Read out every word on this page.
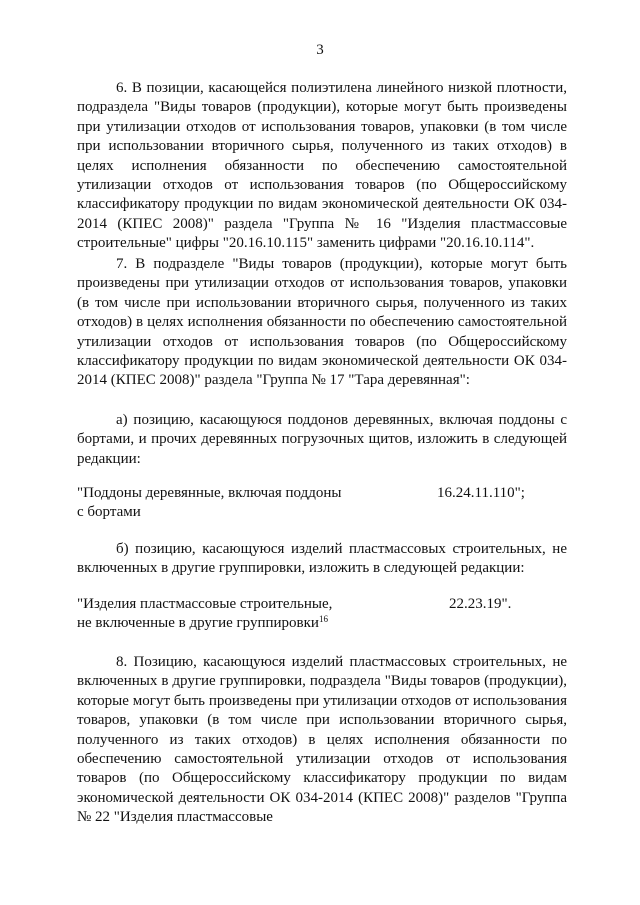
3

6. В позиции, касающейся полиэтилена линейного низкой плотности, подраздела "Виды товаров (продукции), которые могут быть произведены при утилизации отходов от использования товаров, упаковки (в том числе при использовании вторичного сырья, полученного из таких отходов) в целях исполнения обязанности по обеспечению самостоятельной утилизации отходов от использования товаров (по Общероссийскому классификатору продукции по видам экономической деятельности ОК 034-2014 (КПЕС 2008)" раздела "Группа № 16 "Изделия пластмассовые строительные" цифры "20.16.10.115" заменить цифрами "20.16.10.114".

7. В подразделе "Виды товаров (продукции), которые могут быть произведены при утилизации отходов от использования товаров, упаковки (в том числе при использовании вторичного сырья, полученного из таких отходов) в целях исполнения обязанности по обеспечению самостоятельной утилизации отходов от использования товаров (по Общероссийскому классификатору продукции по видам экономической деятельности ОК 034-2014 (КПЕС 2008)" раздела "Группа № 17 "Тара деревянная":

а) позицию, касающуюся поддонов деревянных, включая поддоны с бортами, и прочих деревянных погрузочных щитов, изложить в следующей редакции:

"Поддоны деревянные, включая поддоны
с бортами
16.24.11.110";

б) позицию, касающуюся изделий пластмассовых строительных, не включенных в другие группировки, изложить в следующей редакции:

"Изделия пластмассовые строительные,
не включенные в другие группировки$^{16}$
22.23.19".

8. Позицию, касающуюся изделий пластмассовых строительных, не включенных в другие группировки, подраздела "Виды товаров (продукции), которые могут быть произведены при утилизации отходов от использования товаров, упаковки (в том числе при использовании вторичного сырья, полученного из таких отходов) в целях исполнения обязанности по обеспечению самостоятельной утилизации отходов от использования товаров (по Общероссийскому классификатору продукции по видам экономической деятельности ОК 034-2014 (КПЕС 2008)" разделов "Группа № 22 "Изделия пластмассовые
